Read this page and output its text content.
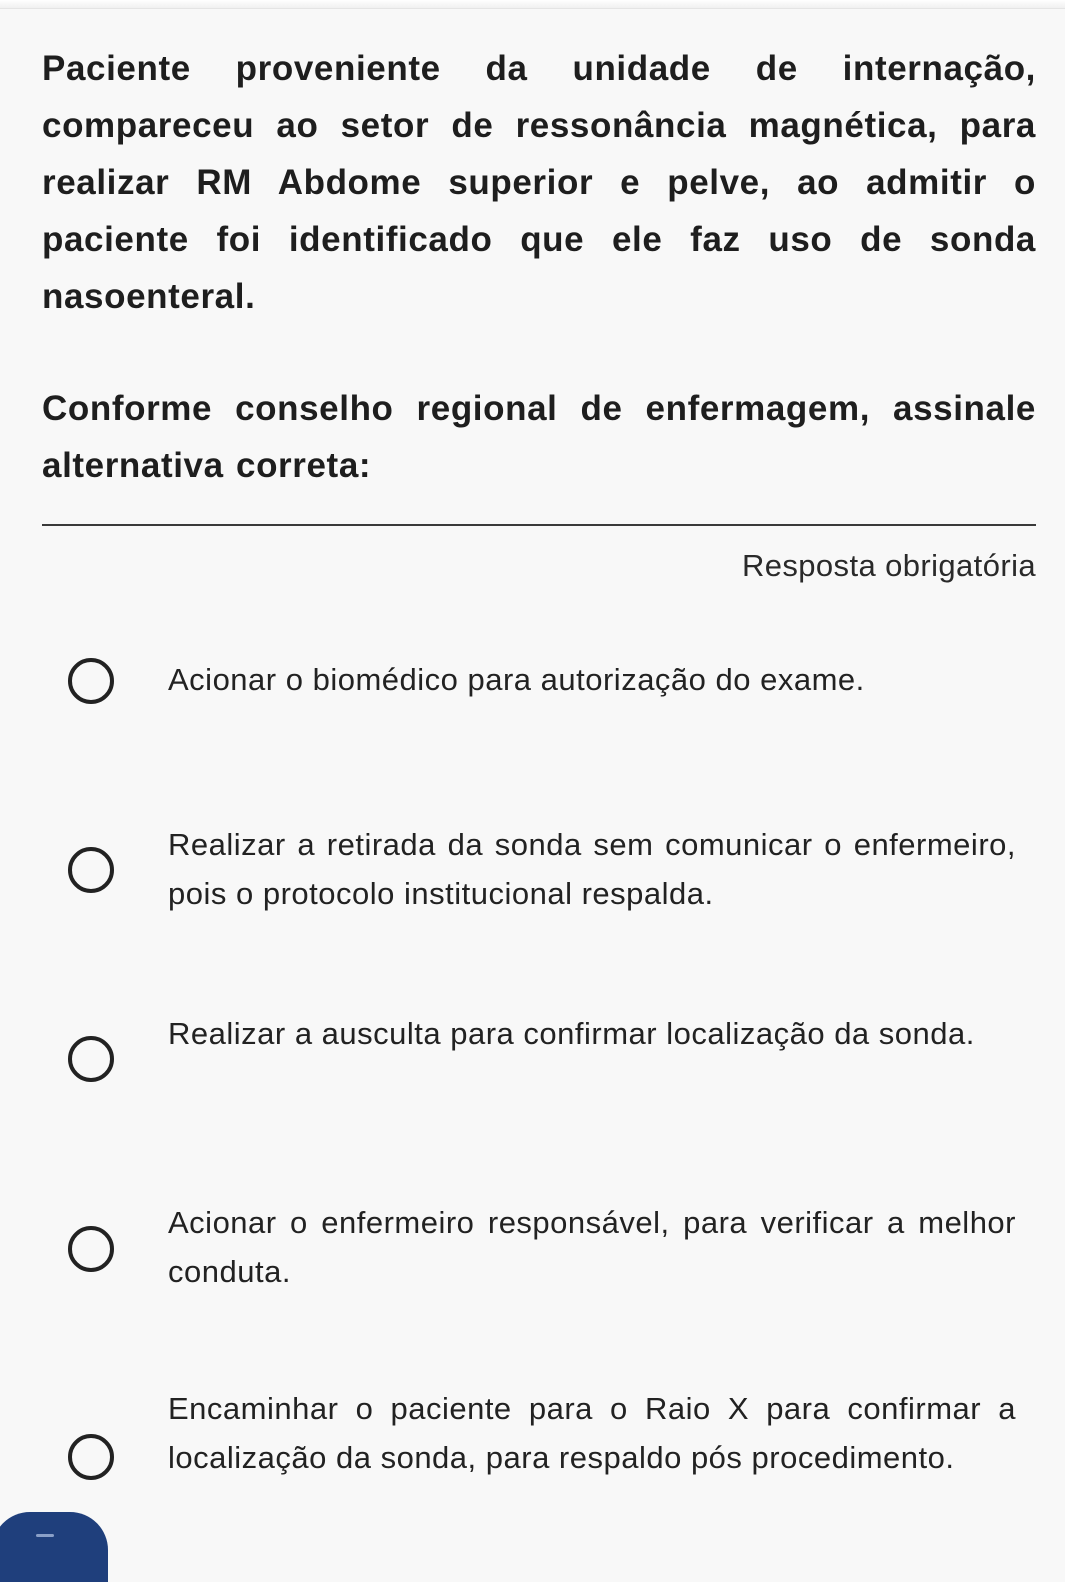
Paciente proveniente da unidade de internação, compareceu ao setor de ressonância magnética, para realizar RM Abdome superior e pelve, ao admitir o paciente foi identificado que ele faz uso de sonda nasoenteral.

Conforme conselho regional de enfermagem, assinale alternativa correta:

Resposta obrigatória
Acionar o biomédico para autorização do exame.
Realizar a retirada da sonda sem comunicar o enfermeiro, pois o protocolo institucional respalda.
Realizar a ausculta para confirmar localização da sonda.
Acionar o enfermeiro responsável, para verificar a melhor conduta.
Encaminhar o paciente para o Raio X para confirmar a localização da sonda, para respaldo pós procedimento.
